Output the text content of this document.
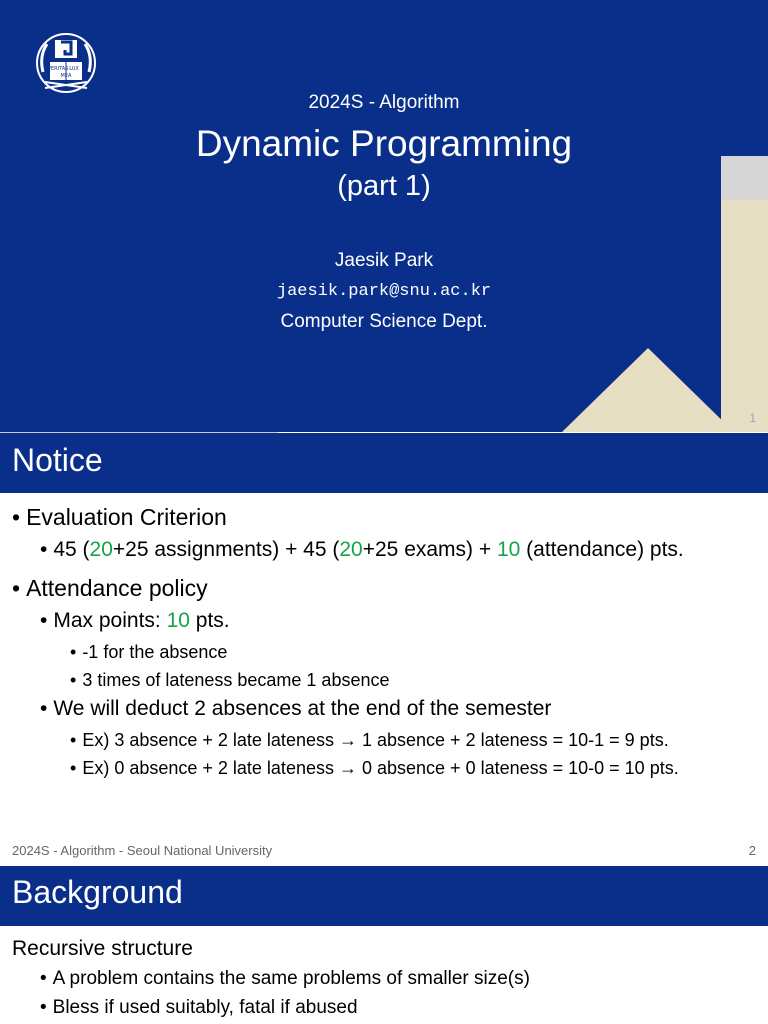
VERITAS LUX
MEA
2024S - Algorithm
Dynamic Programming
(part 1)
Jaesik Park
jaesik.park@snu.ac.kr
Computer Science Dept.
1
Notice
• Evaluation Criterion
• 45 (20+25 assignments) + 45 (20+25 exams) + 10 (attendance) pts.
• Attendance policy
• Max points: 10 pts.
• -1 for the absence
• 3 times of lateness became 1 absence
• We will deduct 2 absences at the end of the semester
• Ex) 3 absence + 2 late lateness → 1 absence + 2 lateness = 10-1 = 9 pts.
• Ex) 0 absence + 2 late lateness → 0 absence + 0 lateness = 10-0 = 10 pts.
2024S - Algorithm - Seoul National University	2
Background
Recursive structure
• A problem contains the same problems of smaller size(s)
• Bless if used suitably, fatal if abused
